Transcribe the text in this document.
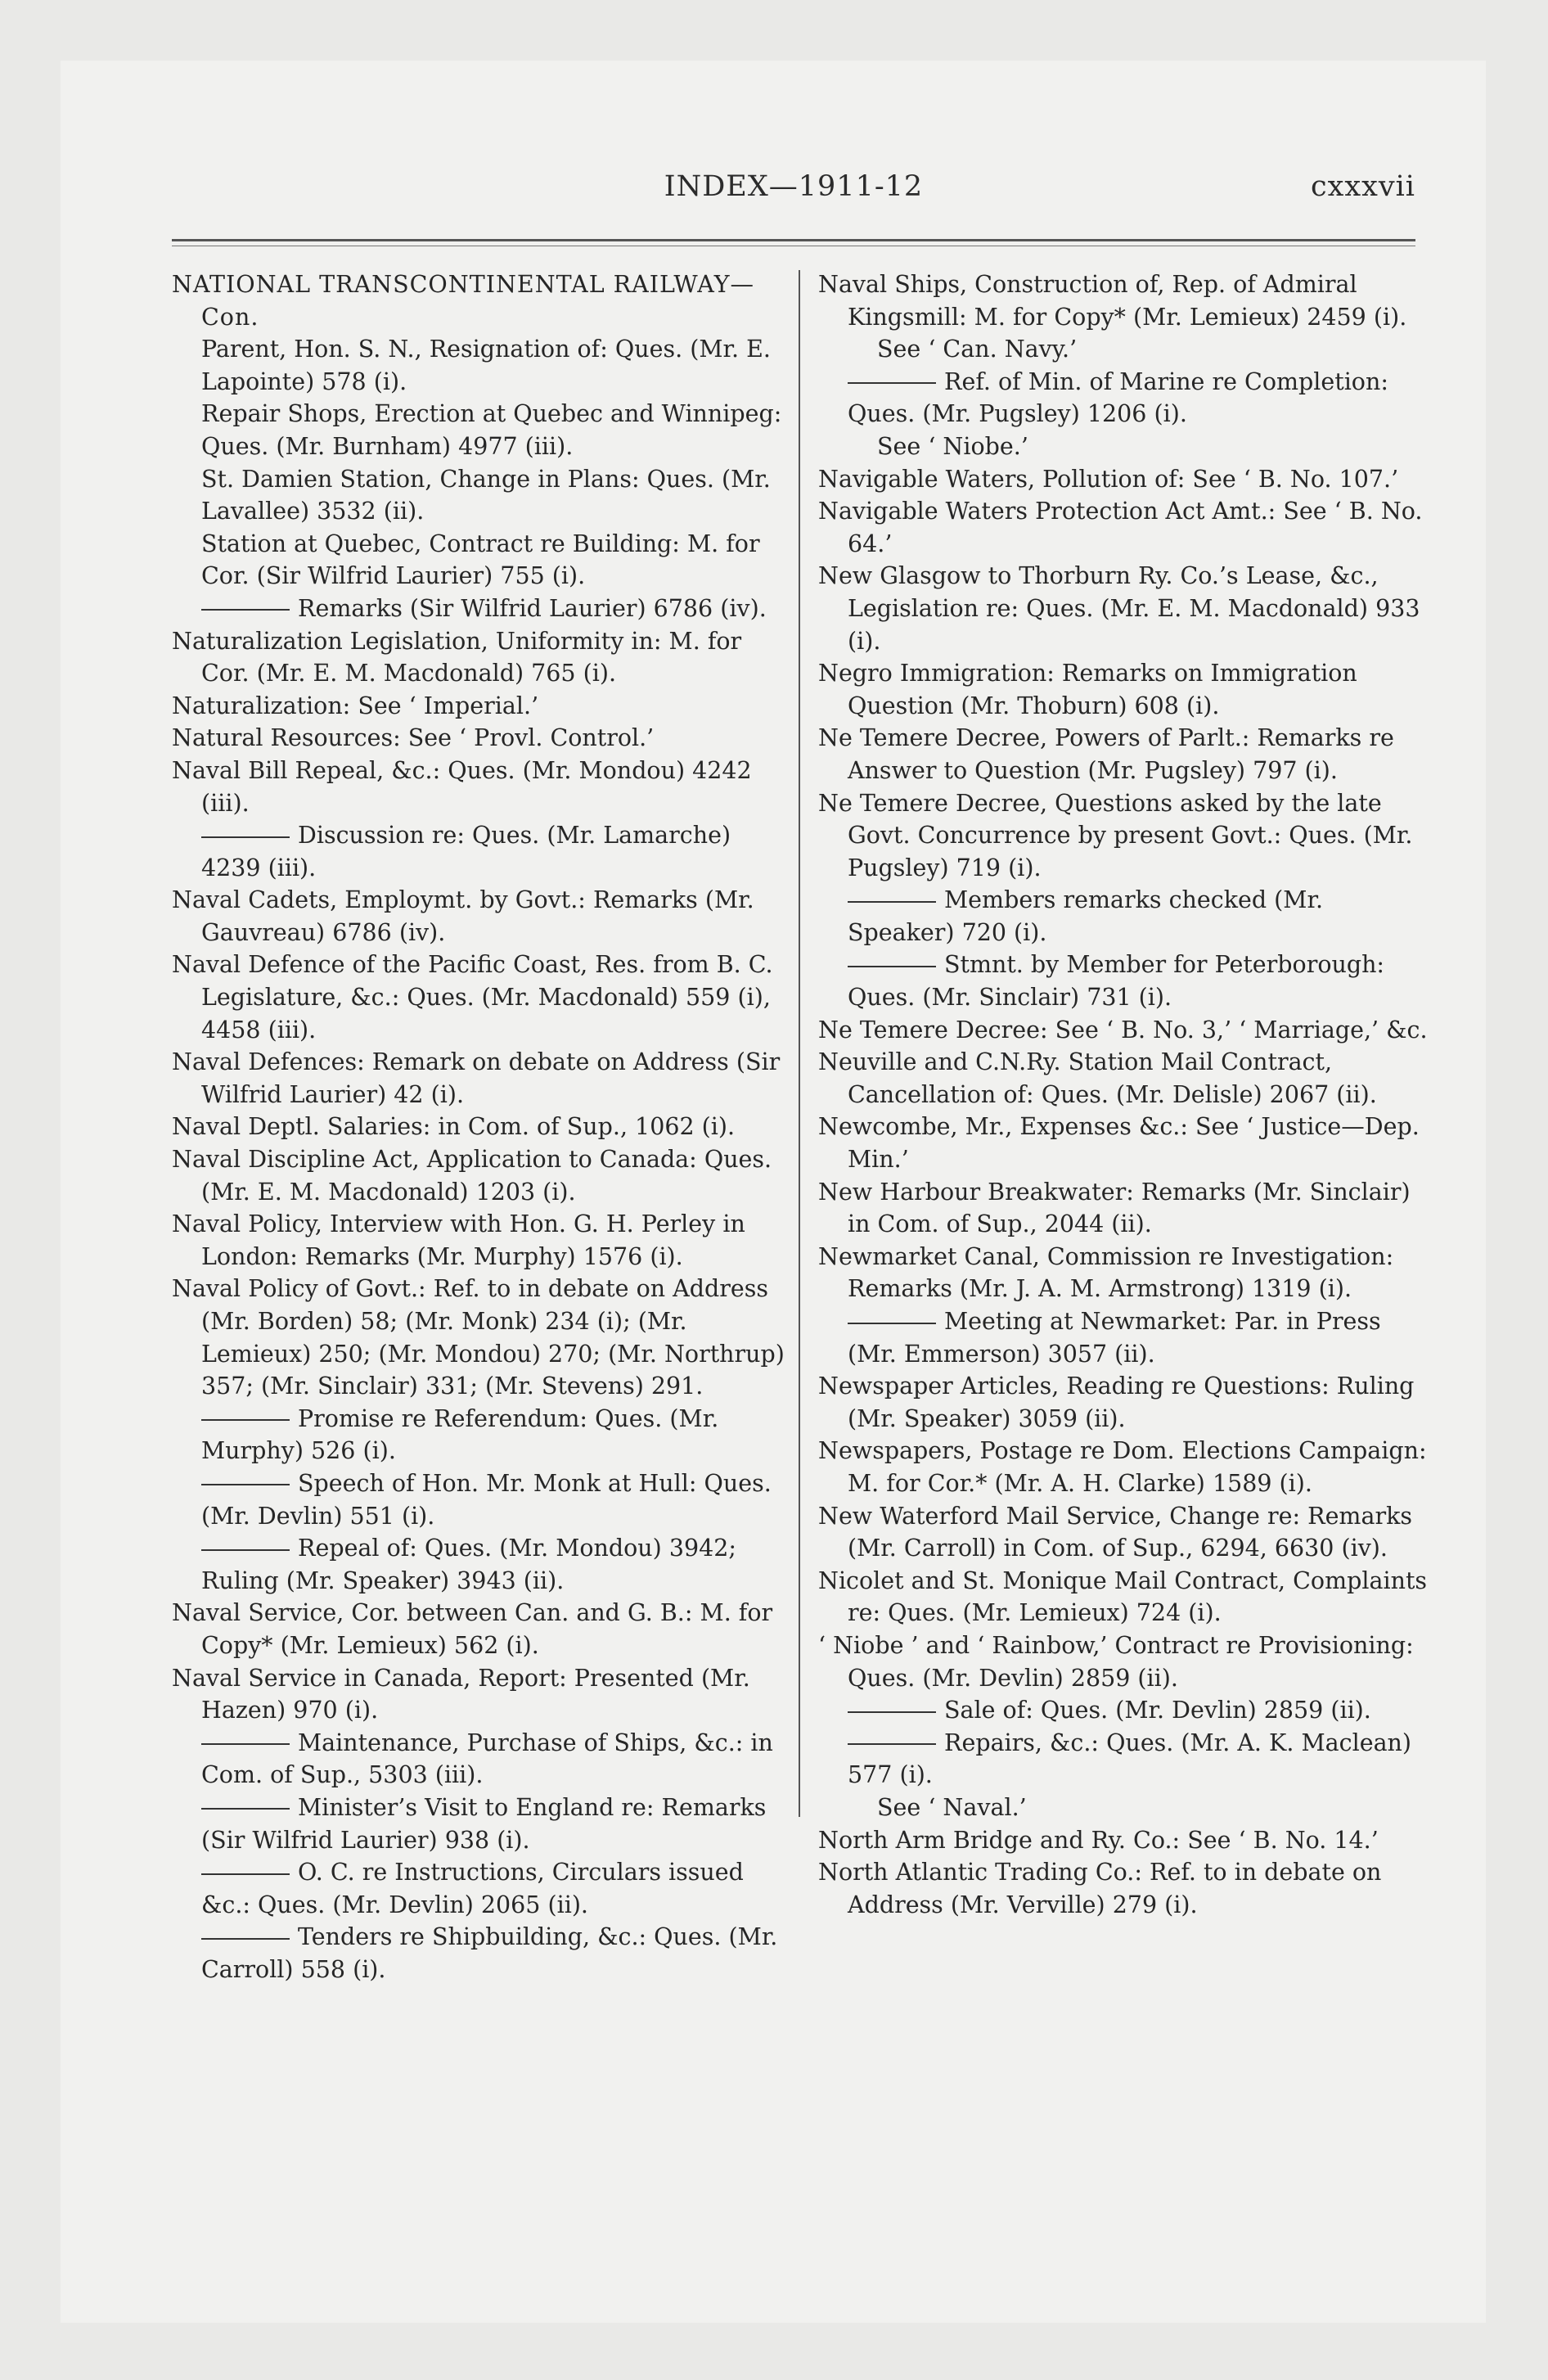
INDEX—1911-12	cxxxvii

NATIONAL TRANSCONTINENTAL RAILWAY—Con.

Parent, Hon. S. N., Resignation of: Ques. (Mr. E. Lapointe) 578 (i).

Repair Shops, Erection at Quebec and Winnipeg: Ques. (Mr. Burnham) 4977 (iii).

St. Damien Station, Change in Plans: Ques. (Mr. Lavallee) 3532 (ii).

Station at Quebec, Contract re Building: M. for Cor. (Sir Wilfrid Laurier) 755 (i).

Remarks (Sir Wilfrid Laurier) 6786 (iv).

Naturalization Legislation, Uniformity in: M. for Cor. (Mr. E. M. Macdonald) 765 (i).

Naturalization: See ‘ Imperial.’

Natural Resources: See ‘ Provl. Control.’

Naval Bill Repeal, &c.: Ques. (Mr. Mondou) 4242 (iii).

Discussion re: Ques. (Mr. Lamarche) 4239 (iii).

Naval Cadets, Employmt. by Govt.: Remarks (Mr. Gauvreau) 6786 (iv).

Naval Defence of the Pacific Coast, Res. from B. C. Legislature, &c.: Ques. (Mr. Macdonald) 559 (i), 4458 (iii).

Naval Defences: Remark on debate on Address (Sir Wilfrid Laurier) 42 (i).

Naval Deptl. Salaries: in Com. of Sup., 1062 (i).

Naval Discipline Act, Application to Canada: Ques. (Mr. E. M. Macdonald) 1203 (i).

Naval Policy, Interview with Hon. G. H. Perley in London: Remarks (Mr. Murphy) 1576 (i).

Naval Policy of Govt.: Ref. to in debate on Address (Mr. Borden) 58; (Mr. Monk) 234 (i); (Mr. Lemieux) 250; (Mr. Mondou) 270; (Mr. Northrup) 357; (Mr. Sinclair) 331; (Mr. Stevens) 291.

Promise re Referendum: Ques. (Mr. Murphy) 526 (i).

Speech of Hon. Mr. Monk at Hull: Ques. (Mr. Devlin) 551 (i).

Repeal of: Ques. (Mr. Mondou) 3942; Ruling (Mr. Speaker) 3943 (ii).

Naval Service, Cor. between Can. and G. B.: M. for Copy* (Mr. Lemieux) 562 (i).

Naval Service in Canada, Report: Presented (Mr. Hazen) 970 (i).

Maintenance, Purchase of Ships, &c.: in Com. of Sup., 5303 (iii).

Minister’s Visit to England re: Remarks (Sir Wilfrid Laurier) 938 (i).

O. C. re Instructions, Circulars issued &c.: Ques. (Mr. Devlin) 2065 (ii).

Tenders re Shipbuilding, &c.: Ques. (Mr. Carroll) 558 (i).

Naval Ships, Construction of, Rep. of Admiral Kingsmill: M. for Copy* (Mr. Lemieux) 2459 (i).

See ‘ Can. Navy.’

Ref. of Min. of Marine re Completion: Ques. (Mr. Pugsley) 1206 (i).

See ‘ Niobe.’

Navigable Waters, Pollution of: See ‘ B. No. 107.’

Navigable Waters Protection Act Amt.: See ‘ B. No. 64.’

New Glasgow to Thorburn Ry. Co.’s Lease, &c., Legislation re: Ques. (Mr. E. M. Macdonald) 933 (i).

Negro Immigration: Remarks on Immigration Question (Mr. Thoburn) 608 (i).

Ne Temere Decree, Powers of Parlt.: Remarks re Answer to Question (Mr. Pugsley) 797 (i).

Ne Temere Decree, Questions asked by the late Govt. Concurrence by present Govt.: Ques. (Mr. Pugsley) 719 (i).

Members remarks checked (Mr. Speaker) 720 (i).

Stmnt. by Member for Peterborough: Ques. (Mr. Sinclair) 731 (i).

Ne Temere Decree: See ‘ B. No. 3,’ ‘ Marriage,’ &c.

Neuville and C.N.Ry. Station Mail Contract, Cancellation of: Ques. (Mr. Delisle) 2067 (ii).

Newcombe, Mr., Expenses &c.: See ‘ Justice—Dep. Min.’

New Harbour Breakwater: Remarks (Mr. Sinclair) in Com. of Sup., 2044 (ii).

Newmarket Canal, Commission re Investigation: Remarks (Mr. J. A. M. Armstrong) 1319 (i).

Meeting at Newmarket: Par. in Press (Mr. Emmerson) 3057 (ii).

Newspaper Articles, Reading re Questions: Ruling (Mr. Speaker) 3059 (ii).

Newspapers, Postage re Dom. Elections Campaign: M. for Cor.* (Mr. A. H. Clarke) 1589 (i).

New Waterford Mail Service, Change re: Remarks (Mr. Carroll) in Com. of Sup., 6294, 6630 (iv).

Nicolet and St. Monique Mail Contract, Complaints re: Ques. (Mr. Lemieux) 724 (i).

‘ Niobe ’ and ‘ Rainbow,’ Contract re Provisioning: Ques. (Mr. Devlin) 2859 (ii).

Sale of: Ques. (Mr. Devlin) 2859 (ii).

Repairs, &c.: Ques. (Mr. A. K. Maclean) 577 (i).

See ‘ Naval.’

North Arm Bridge and Ry. Co.: See ‘ B. No. 14.’

North Atlantic Trading Co.: Ref. to in debate on Address (Mr. Verville) 279 (i).
